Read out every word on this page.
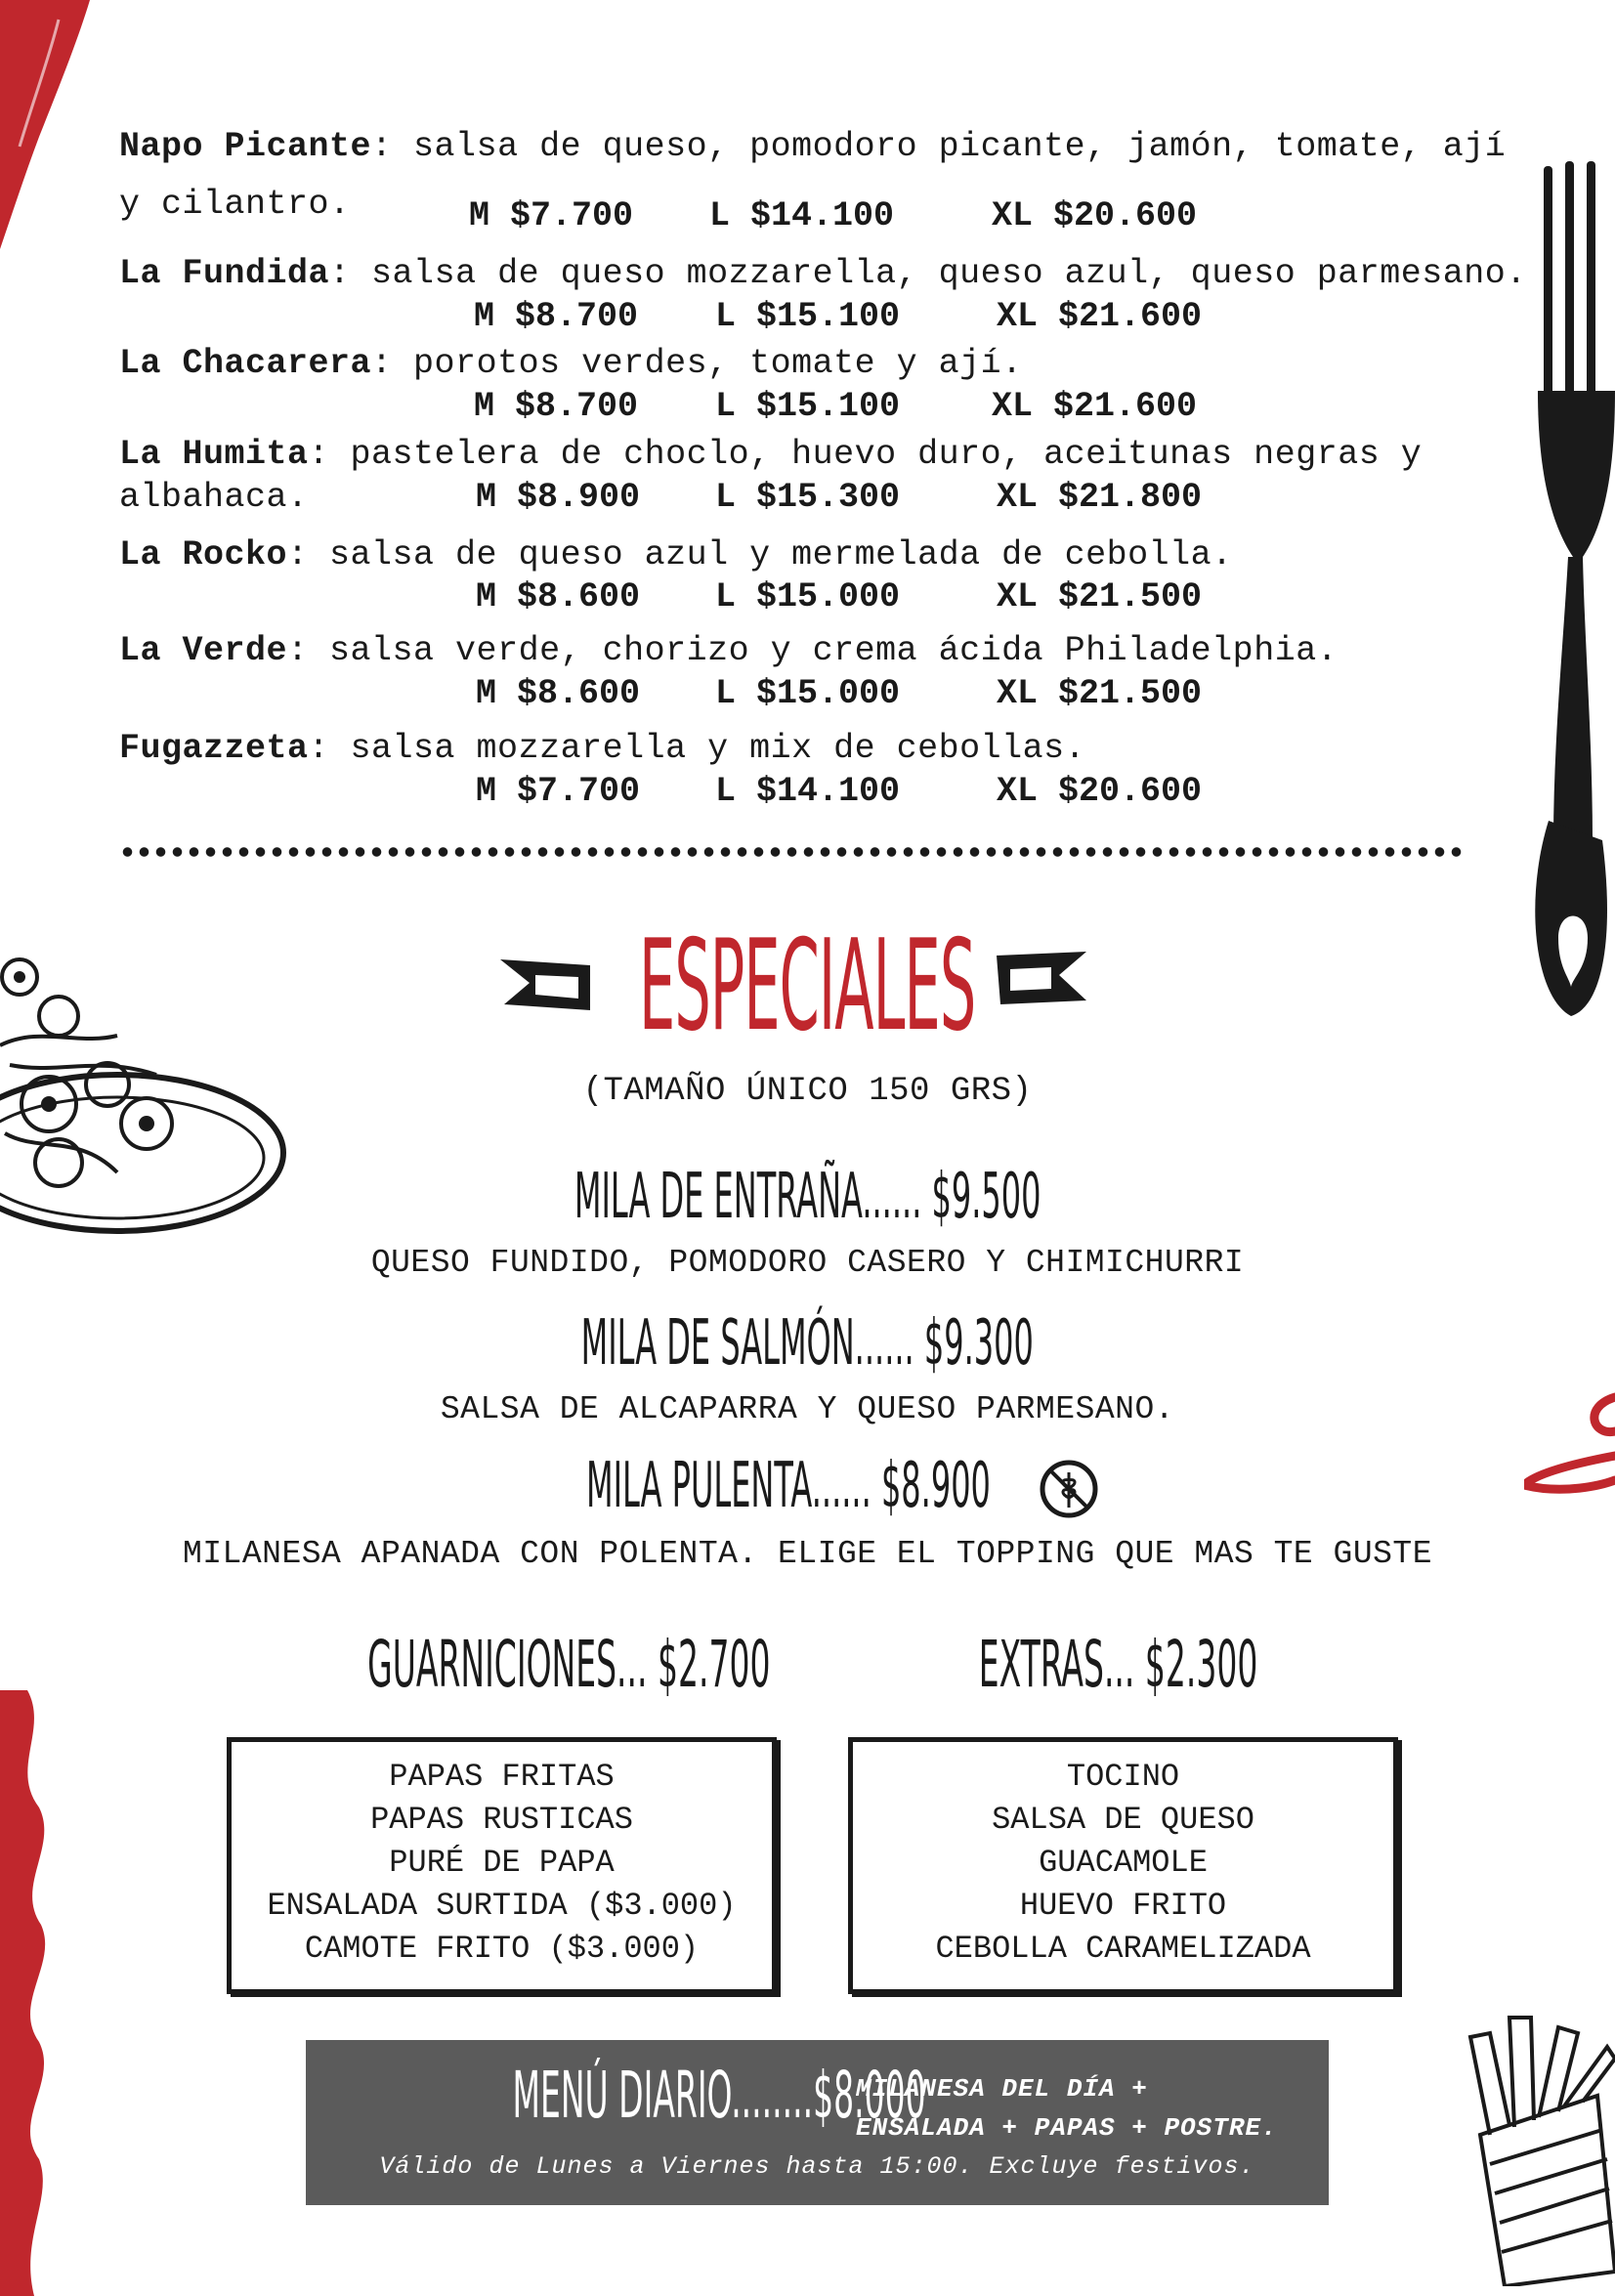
Napo Picante: salsa de queso, pomodoro picante, jamón, tomate, ají
y cilantro.	M $7.700 L $14.100	XL $20.600
La Fundida: salsa de queso mozzarella, queso azul, queso parmesano.
M $8.700 L $15.100	XL $21.600
La Chacarera: porotos verdes, tomate y ají.
M $8.700 L $15.100	XL $21.600
La Humita: pastelera de choclo, huevo duro, aceitunas negras y
albahaca.	M $8.900 L $15.300	XL $21.800
La Rocko: salsa de queso azul y mermelada de cebolla.
M $8.600 L $15.000	XL $21.500
La Verde: salsa verde, chorizo y crema ácida Philadelphia.
M $8.600 L $15.000	XL $21.500
Fugazzeta: salsa mozzarella y mix de cebollas.
M $7.700 L $14.100	XL $20.600
ESPECIALES
(TAMAÑO ÚNICO 150 GRS)
MILA DE ENTRAÑA...... $9.500
QUESO FUNDIDO, POMODORO CASERO Y CHIMICHURRI
MILA DE SALMÓN...... $9.300
SALSA DE ALCAPARRA Y QUESO PARMESANO.
MILA PULENTA...... $8.900
MILANESA APANADA CON POLENTA. ELIGE EL TOPPING QUE MAS TE GUSTE
GUARNICIONES... $2.700
PAPAS FRITAS
PAPAS RUSTICAS
PURÉ DE PAPA
ENSALADA SURTIDA ($3.000)
CAMOTE FRITO ($3.000)
EXTRAS... $2.300
TOCINO
SALSA DE QUESO
GUACAMOLE
HUEVO FRITO
CEBOLLA CARAMELIZADA
MENÚ DIARIO........$8.000
MILANESA DEL DÍA +
ENSALADA + PAPAS + POSTRE.
Válido de Lunes a Viernes hasta 15:00. Excluye festivos.
